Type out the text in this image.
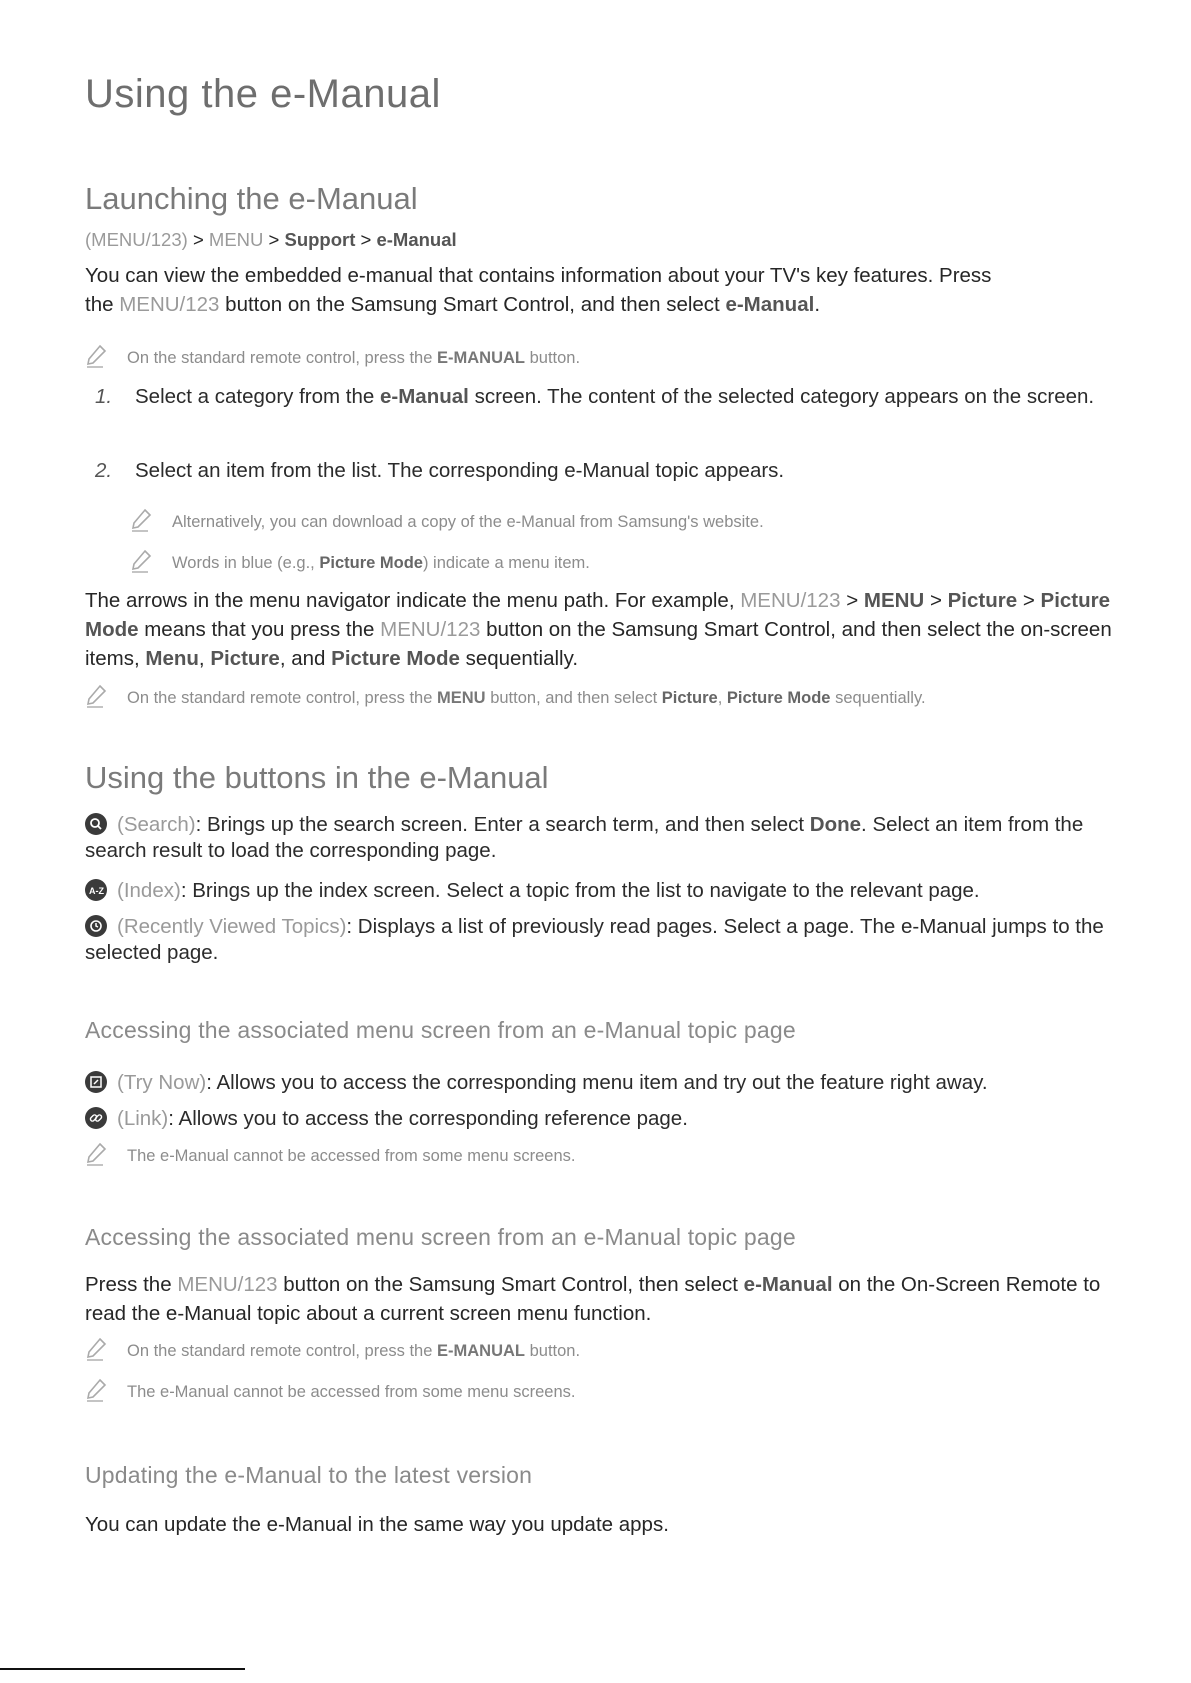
Using the e-Manual
Launching the e-Manual

(MENU/123) > MENU > Support > e-Manual

You can view the embedded e-manual that contains information about your TV's key features. Press
the MENU/123 button on the Samsung Smart Control, and then select e-Manual.
On the standard remote control, press the E-MANUAL button.
1.	Select a category from the e-Manual screen. The content of the selected category appears on the screen.
2.	Select an item from the list. The corresponding e-Manual topic appears.
Alternatively, you can download a copy of the e-Manual from Samsung's website.
Words in blue (e.g., Picture Mode) indicate a menu item.

The arrows in the menu navigator indicate the menu path. For example, MENU/123 > MENU > Picture > Picture Mode means that you press the MENU/123 button on the Samsung Smart Control, and then select the on-screen items, Menu, Picture, and Picture Mode sequentially.

On the standard remote control, press the MENU button, and then select Picture, Picture Mode sequentially.
Using the buttons in the e-Manual

(Search): Brings up the search screen. Enter a search term, and then select Done. Select an item from the search result to load the corresponding page.

A-Z (Index): Brings up the index screen. Select a topic from the list to navigate to the relevant page.

(Recently Viewed Topics): Displays a list of previously read pages. Select a page. The e-Manual jumps to the selected page.

Accessing the associated menu screen from an e-Manual topic page

(Try Now): Allows you to access the corresponding menu item and try out the feature right away.

(Link): Allows you to access the corresponding reference page.

The e-Manual cannot be accessed from some menu screens.
Accessing the associated menu screen from an e-Manual topic page

Press the MENU/123 button on the Samsung Smart Control, then select e-Manual on the On-Screen Remote to read the e-Manual topic about a current screen menu function.

On the standard remote control, press the E-MANUAL button.
The e-Manual cannot be accessed from some menu screens.
Updating the e-Manual to the latest version

You can update the e-Manual in the same way you update apps.
